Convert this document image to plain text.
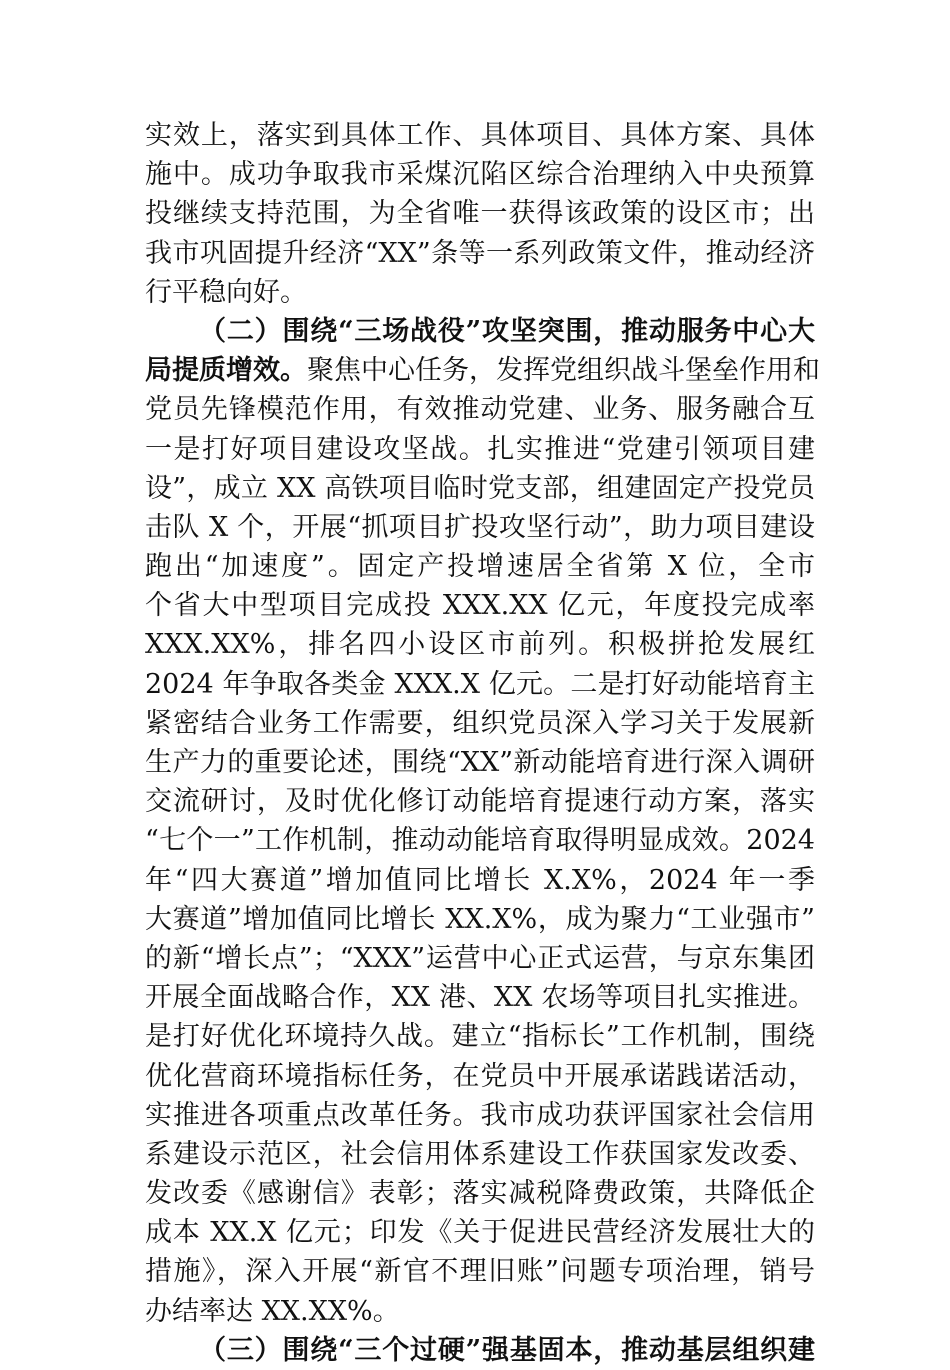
实效上，落实到具体工作、具体项目、具体方案、具体
施中。成功争取我市采煤沉陷区综合治理纳入中央预算
投继续支持范围，为全省唯一获得该政策的设区市；出
我市巩固提升经济“XX”条等一系列政策文件，推动经济
行平稳向好。
（二）围绕“三场战役”攻坚突围，推动服务中心大
局提质增效。聚焦中心任务，发挥党组织战斗堡垒作用和
党员先锋模范作用，有效推动党建、业务、服务融合互
一是打好项目建设攻坚战。扎实推进“党建引领项目建
设”，成立 XX 高铁项目临时党支部，组建固定产投党员
击队 X 个，开展“抓项目扩投攻坚行动”，助力项目建设
跑出“加速度”。固定产投增速居全省第 X 位，全市
个省大中型项目完成投 XXX.XX 亿元，年度投完成率
XXX.XX%，排名四小设区市前列。积极拼抢发展红
2024 年争取各类金 XXX.X 亿元。二是打好动能培育主
紧密结合业务工作需要，组织党员深入学习关于发展新
生产力的重要论述，围绕“XX”新动能培育进行深入调研
交流研讨，及时优化修订动能培育提速行动方案，落实
“七个一”工作机制，推动动能培育取得明显成效。2024
年“四大赛道”增加值同比增长 X.X%，2024 年一季
大赛道”增加值同比增长 XX.X%，成为聚力“工业强市”
的新“增长点”；“XXX”运营中心正式运营，与京东集团
开展全面战略合作，XX 港、XX 农场等项目扎实推进。
是打好优化环境持久战。建立“指标长”工作机制，围绕
优化营商环境指标任务，在党员中开展承诺践诺活动，
实推进各项重点改革任务。我市成功获评国家社会信用
系建设示范区，社会信用体系建设工作获国家发改委、
发改委《感谢信》表彰；落实减税降费政策，共降低企
成本 XX.X 亿元；印发《关于促进民营经济发展壮大的
措施》，深入开展“新官不理旧账”问题专项治理，销号
办结率达 XX.XX%。
（三）围绕“三个过硬”强基固本，推动基层组织建
